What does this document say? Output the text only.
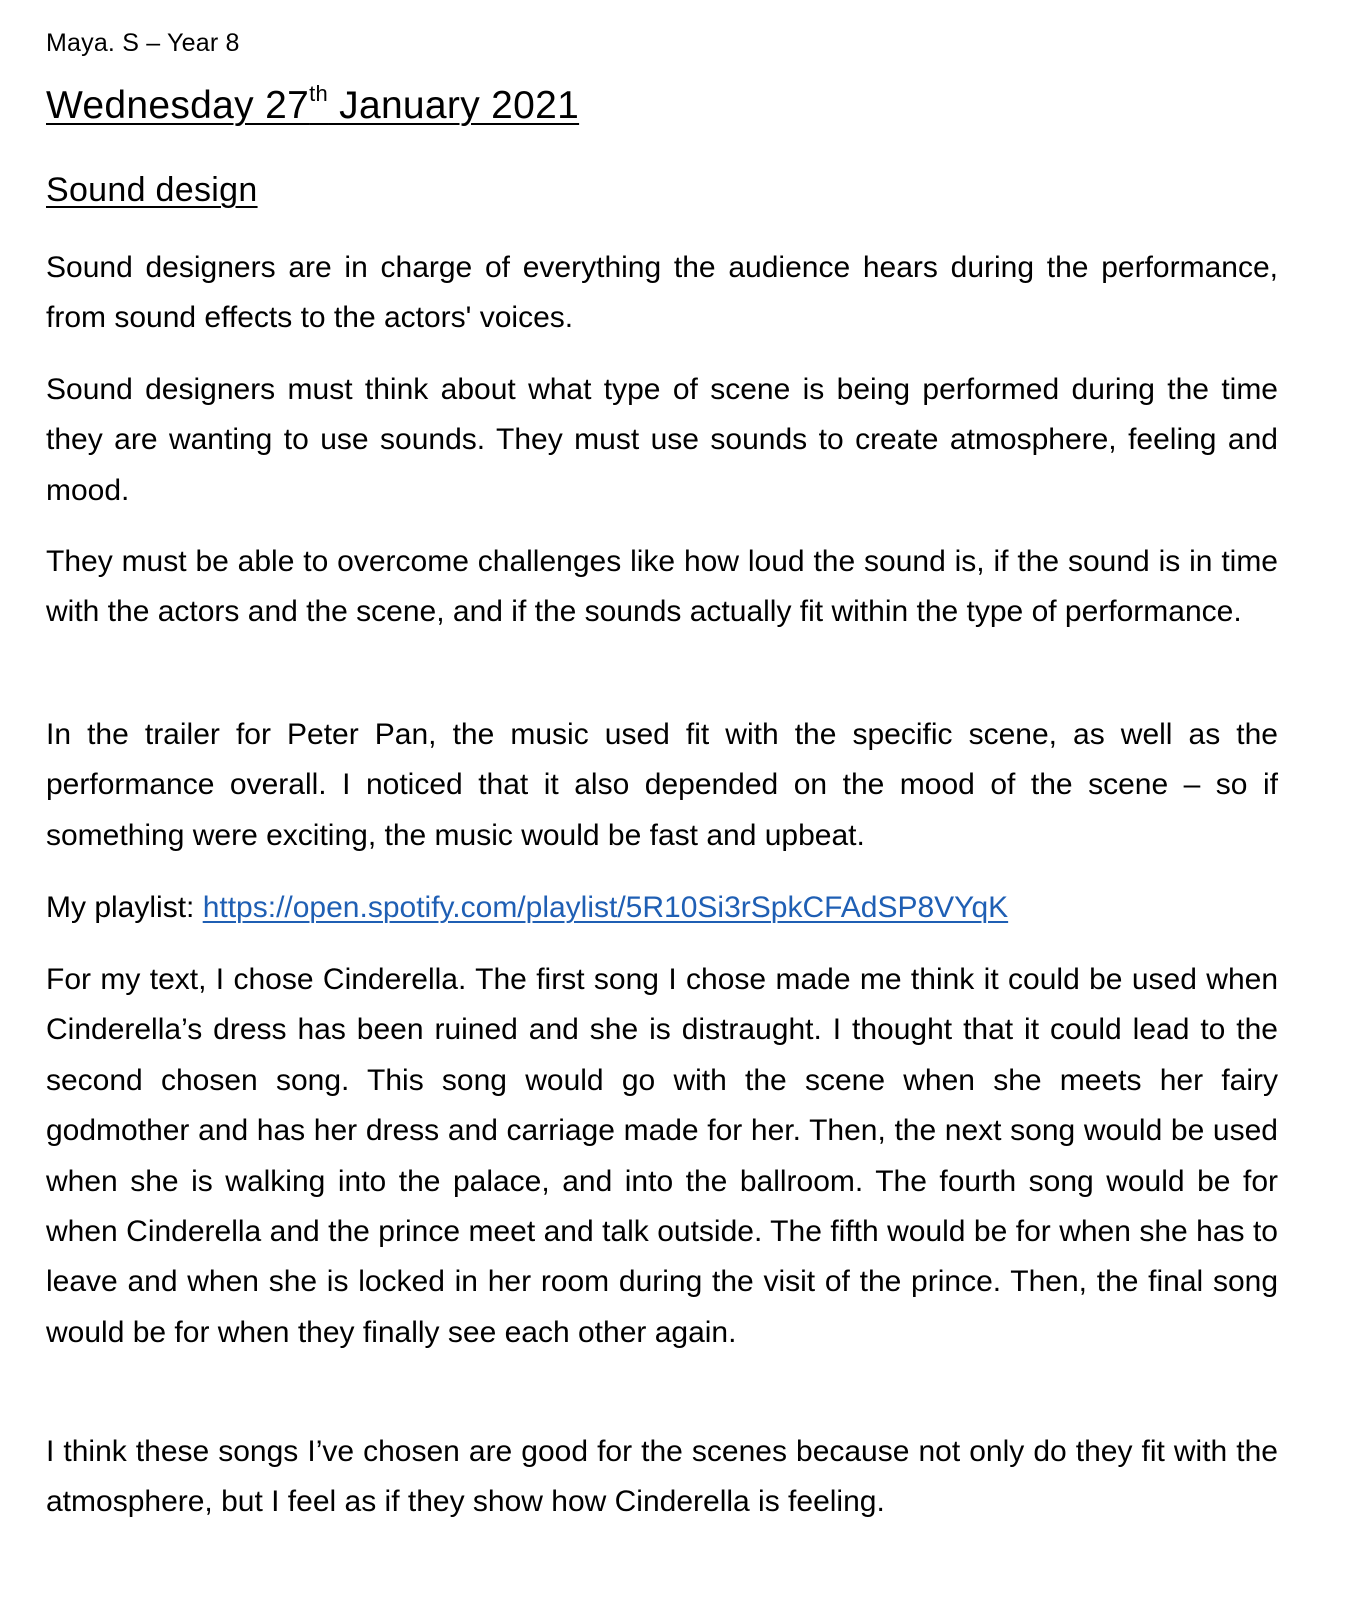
Maya. S – Year 8
Wednesday 27th January 2021
Sound design

Sound designers are in charge of everything the audience hears during the performance, from sound effects to the actors' voices.

Sound designers must think about what type of scene is being performed during the time they are wanting to use sounds. They must use sounds to create atmosphere, feeling and mood.

They must be able to overcome challenges like how loud the sound is, if the sound is in time with the actors and the scene, and if the sounds actually fit within the type of performance.

In the trailer for Peter Pan, the music used fit with the specific scene, as well as the performance overall. I noticed that it also depended on the mood of the scene – so if something were exciting, the music would be fast and upbeat.

My playlist: https://open.spotify.com/playlist/5R10Si3rSpkCFAdSP8VYqK

For my text, I chose Cinderella. The first song I chose made me think it could be used when Cinderella’s dress has been ruined and she is distraught. I thought that it could lead to the second chosen song. This song would go with the scene when she meets her fairy godmother and has her dress and carriage made for her. Then, the next song would be used when she is walking into the palace, and into the ballroom. The fourth song would be for when Cinderella and the prince meet and talk outside. The fifth would be for when she has to leave and when she is locked in her room during the visit of the prince. Then, the final song would be for when they finally see each other again.

I think these songs I’ve chosen are good for the scenes because not only do they fit with the atmosphere, but I feel as if they show how Cinderella is feeling.
